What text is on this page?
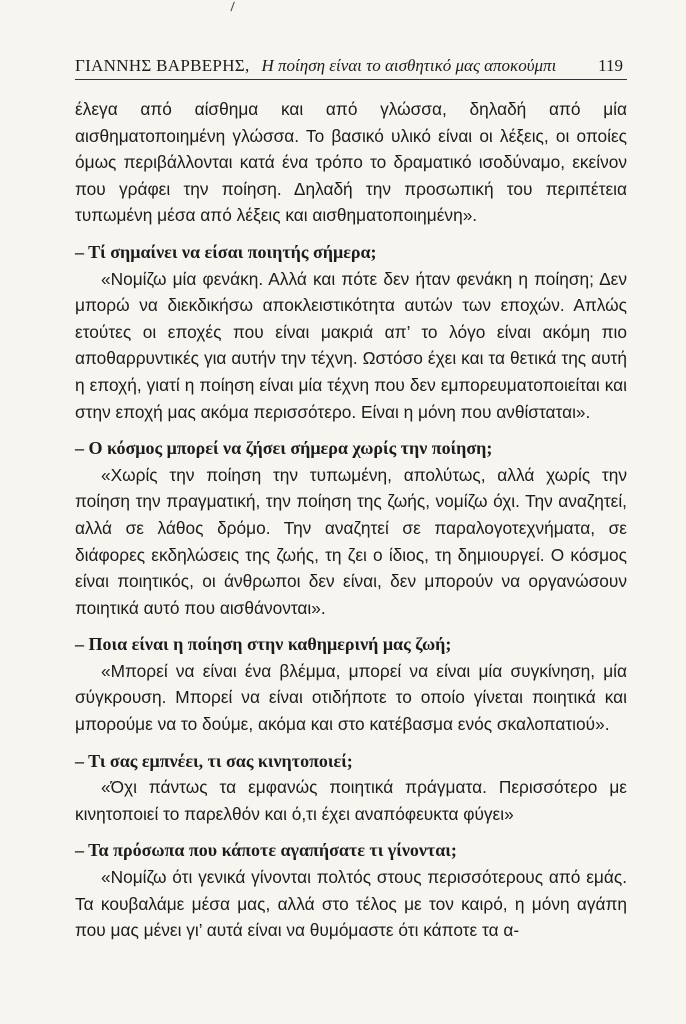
ΓΙΑΝΝΗΣ ΒΑΡΒΕΡΗΣ, Η ποίηση είναι το αισθητικό μας αποκούμπι 119

έλεγα από αίσθημα και από γλώσσα, δηλαδή από μία αισθηματοποιημένη γλώσσα. Το βασικό υλικό είναι οι λέξεις, οι οποίες όμως περιβάλλονται κατά ένα τρόπο το δραματικό ισοδύναμο, εκείνον που γράφει την ποίηση. Δηλαδή την προσωπική του περιπέτεια τυπωμένη μέσα από λέξεις και αισθηματοποιημένη».

– Τί σημαίνει να είσαι ποιητής σήμερα;

«Νομίζω μία φενάκη. Αλλά και πότε δεν ήταν φενάκη η ποίηση; Δεν μπορώ να διεκδικήσω αποκλειστικότητα αυτών των εποχών. Απλώς ετούτες οι εποχές που είναι μακριά απ’ το λόγο είναι ακόμη πιο αποθαρρυντικές για αυτήν την τέχνη. Ωστόσο έχει και τα θετικά της αυτή η εποχή, γιατί η ποίηση είναι μία τέχνη που δεν εμπορευματοποιείται και στην εποχή μας ακόμα περισσότερο. Είναι η μόνη που ανθίσταται».

– Ο κόσμος μπορεί να ζήσει σήμερα χωρίς την ποίηση;

«Χωρίς την ποίηση την τυπωμένη, απολύτως, αλλά χωρίς την ποίηση την πραγματική, την ποίηση της ζωής, νομίζω όχι. Την αναζητεί, αλλά σε λάθος δρόμο. Την αναζητεί σε παραλογοτεχνήματα, σε διάφορες εκδηλώσεις της ζωής, τη ζει ο ίδιος, τη δημιουργεί. Ο κόσμος είναι ποιητικός, οι άνθρωποι δεν είναι, δεν μπορούν να οργανώσουν ποιητικά αυτό που αισθάνονται».

– Ποια είναι η ποίηση στην καθημερινή μας ζωή;

«Μπορεί να είναι ένα βλέμμα, μπορεί να είναι μία συγκίνηση, μία σύγκρουση. Μπορεί να είναι οτιδήποτε το οποίο γίνεται ποιητικά και μπορούμε να το δούμε, ακόμα και στο κατέβασμα ενός σκαλοπατιού».

– Τι σας εμπνέει, τι σας κινητοποιεί;

«Όχι πάντως τα εμφανώς ποιητικά πράγματα. Περισσότερο με κινητοποιεί το παρελθόν και ό,τι έχει αναπόφευκτα φύγει»

– Τα πρόσωπα που κάποτε αγαπήσατε τι γίνονται;

«Νομίζω ότι γενικά γίνονται πολτός στους περισσότερους από εμάς. Τα κουβαλάμε μέσα μας, αλλά στο τέλος με τον καιρό, η μόνη αγάπη που μας μένει γι’ αυτά είναι να θυμόμαστε ότι κάποτε τα α-
